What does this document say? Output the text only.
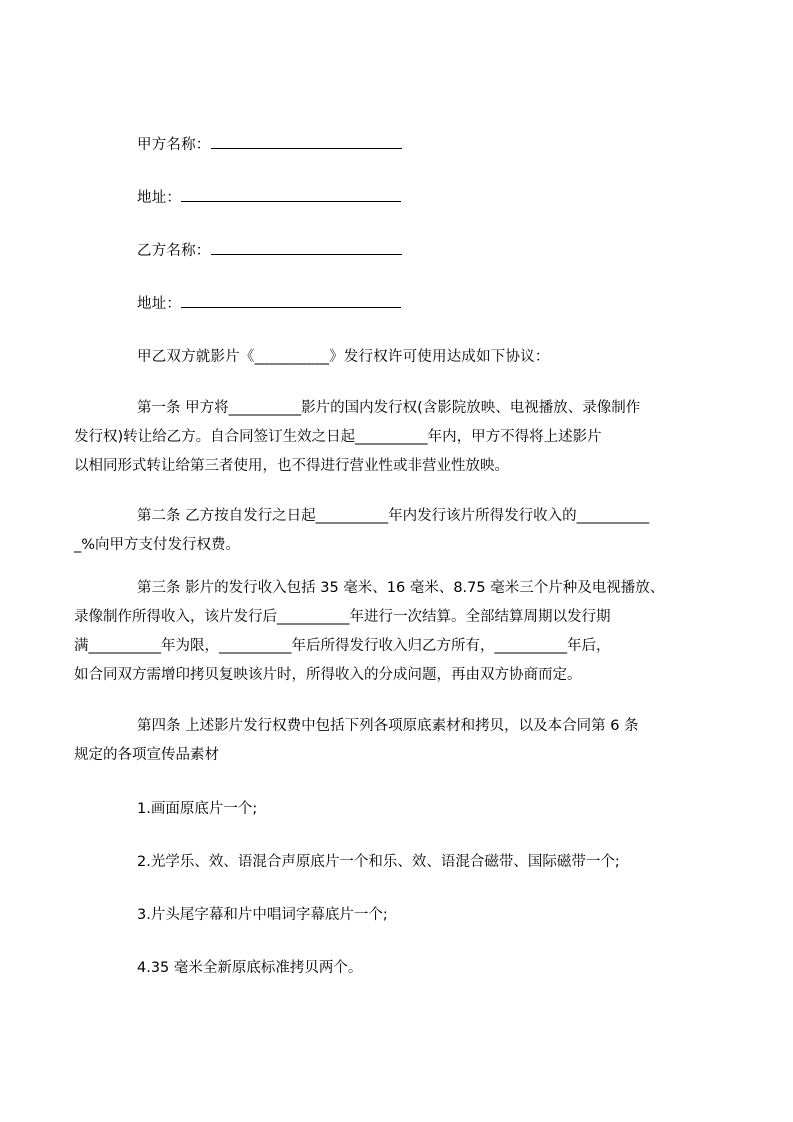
甲方名称：
地址：
乙方名称：
地址：
甲乙双方就影片《__________》发行权许可使用达成如下协议：

第一条 甲方将__________影片的国内发行权(含影院放映、电视播放、录像制作

发行权)转让给乙方。自合同签订生效之日起__________年内，甲方不得将上述影片

以相同形式转让给第三者使用，也不得进行营业性或非营业性放映。

第二条 乙方按自发行之日起__________年内发行该片所得发行收入的__________

_%向甲方支付发行权费。

第三条 影片的发行收入包括 35 毫米、16 毫米、8.75 毫米三个片种及电视播放、

录像制作所得收入，该片发行后__________年进行一次结算。全部结算周期以发行期

满__________年为限，__________年后所得发行收入归乙方所有，__________年后，

如合同双方需增印拷贝复映该片时，所得收入的分成问题，再由双方协商而定。

第四条 上述影片发行权费中包括下列各项原底素材和拷贝，以及本合同第 6 条

规定的各项宣传品素材

1.画面原底片一个;
2.光学乐、效、语混合声原底片一个和乐、效、语混合磁带、国际磁带一个;
3.片头尾字幕和片中唱词字幕底片一个;
4.35 毫米全新原底标准拷贝两个。
